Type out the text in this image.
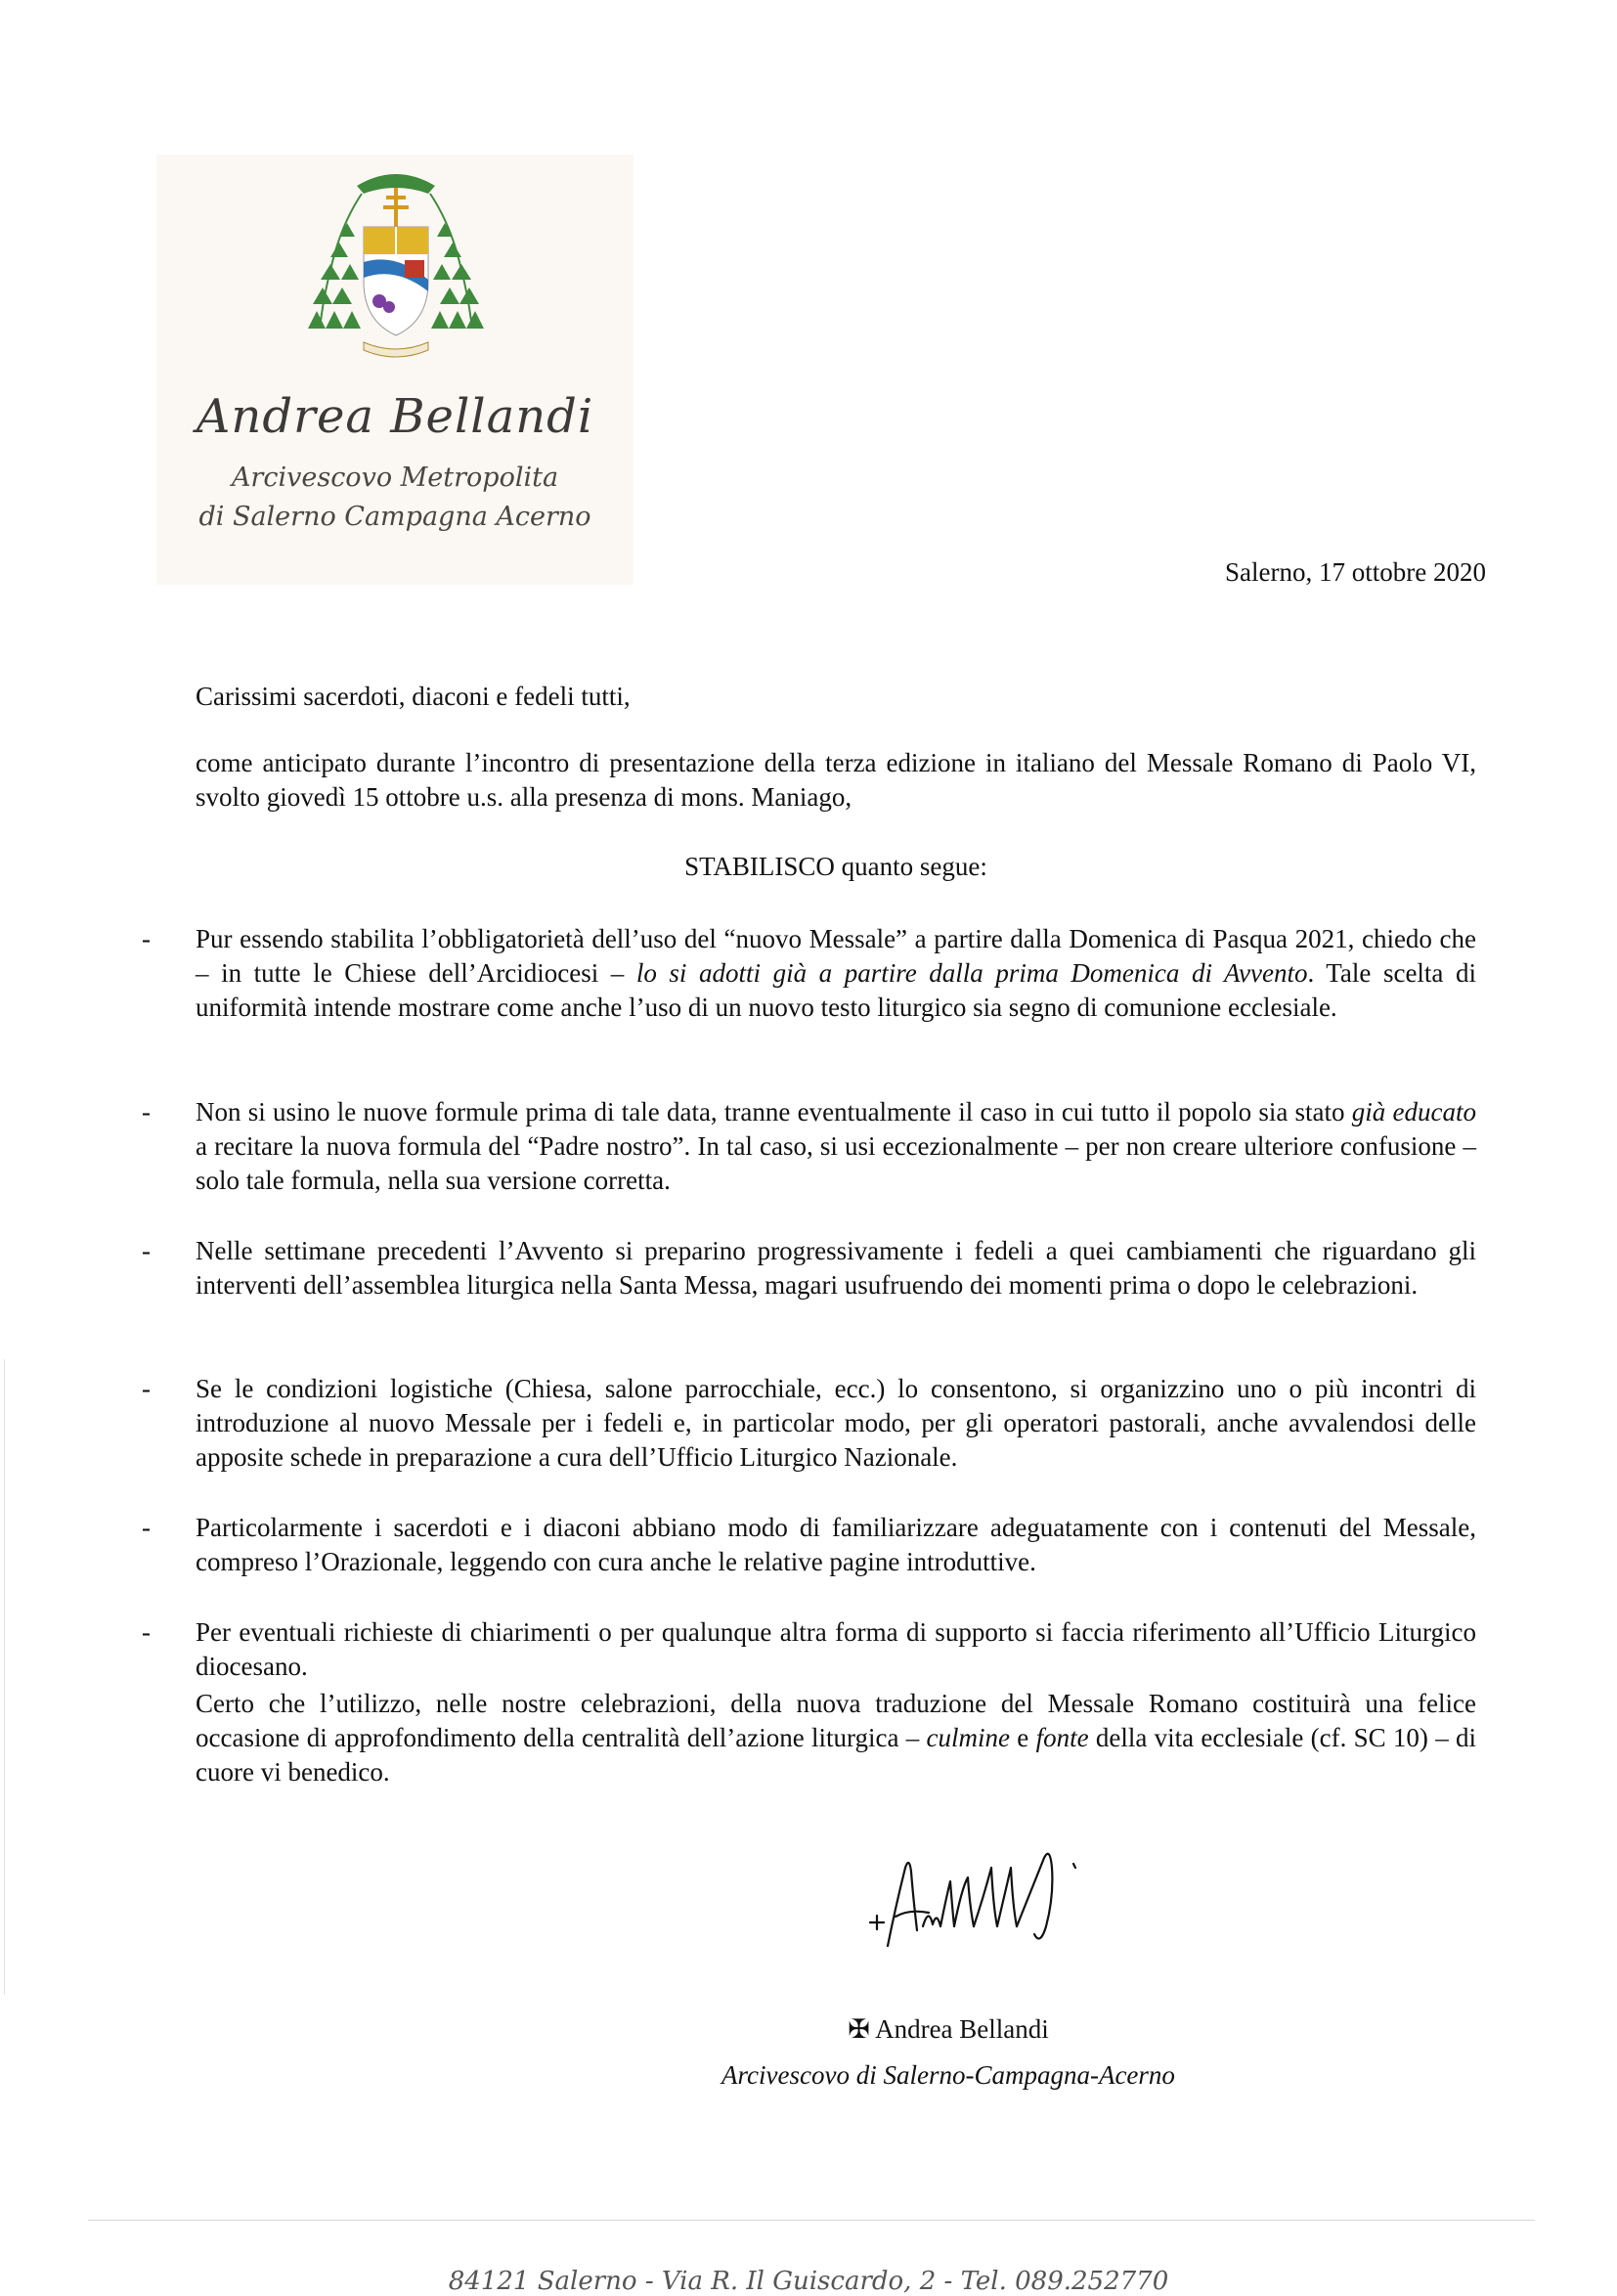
Andrea Bellandi
Arcivescovo Metropolita
di Salerno Campagna Acerno
Salerno, 17 ottobre 2020
Carissimi sacerdoti, diaconi e fedeli tutti,
come anticipato durante l’incontro di presentazione della terza edizione in italiano del Messale Romano di Paolo VI, svolto giovedì 15 ottobre u.s. alla presenza di mons. Maniago,
STABILISCO quanto segue:
-	Pur essendo stabilita l’obbligatorietà dell’uso del “nuovo Messale” a partire dalla Domenica di Pasqua 2021, chiedo che – in tutte le Chiese dell’Arcidiocesi – lo si adotti già a partire dalla prima Domenica di Avvento. Tale scelta di uniformità intende mostrare come anche l’uso di un nuovo testo liturgico sia segno di comunione ecclesiale.
-	Non si usino le nuove formule prima di tale data, tranne eventualmente il caso in cui tutto il popolo sia stato già educato a recitare la nuova formula del “Padre nostro”. In tal caso, si usi eccezionalmente – per non creare ulteriore confusione – solo tale formula, nella sua versione corretta.
-	Nelle settimane precedenti l’Avvento si preparino progressivamente i fedeli a quei cambiamenti che riguardano gli interventi dell’assemblea liturgica nella Santa Messa, magari usufruendo dei momenti prima o dopo le celebrazioni.
-	Se le condizioni logistiche (Chiesa, salone parrocchiale, ecc.) lo consentono, si organizzino uno o più incontri di introduzione al nuovo Messale per i fedeli e, in particolar modo, per gli operatori pastorali, anche avvalendosi delle apposite schede in preparazione a cura dell’Ufficio Liturgico Nazionale.
-	Particolarmente i sacerdoti e i diaconi abbiano modo di familiarizzare adeguatamente con i contenuti del Messale, compreso l’Orazionale, leggendo con cura anche le relative pagine introduttive.
-	Per eventuali richieste di chiarimenti o per qualunque altra forma di supporto si faccia riferimento all’Ufficio Liturgico diocesano.
Certo che l’utilizzo, nelle nostre celebrazioni, della nuova traduzione del Messale Romano costituirà una felice occasione di approfondimento della centralità dell’azione liturgica – culmine e fonte della vita ecclesiale (cf. SC 10) – di cuore vi benedico.
✠ Andrea Bellandi
Arcivescovo di Salerno-Campagna-Acerno
84121 Salerno - Via R. Il Guiscardo, 2 - Tel. 089.252770
